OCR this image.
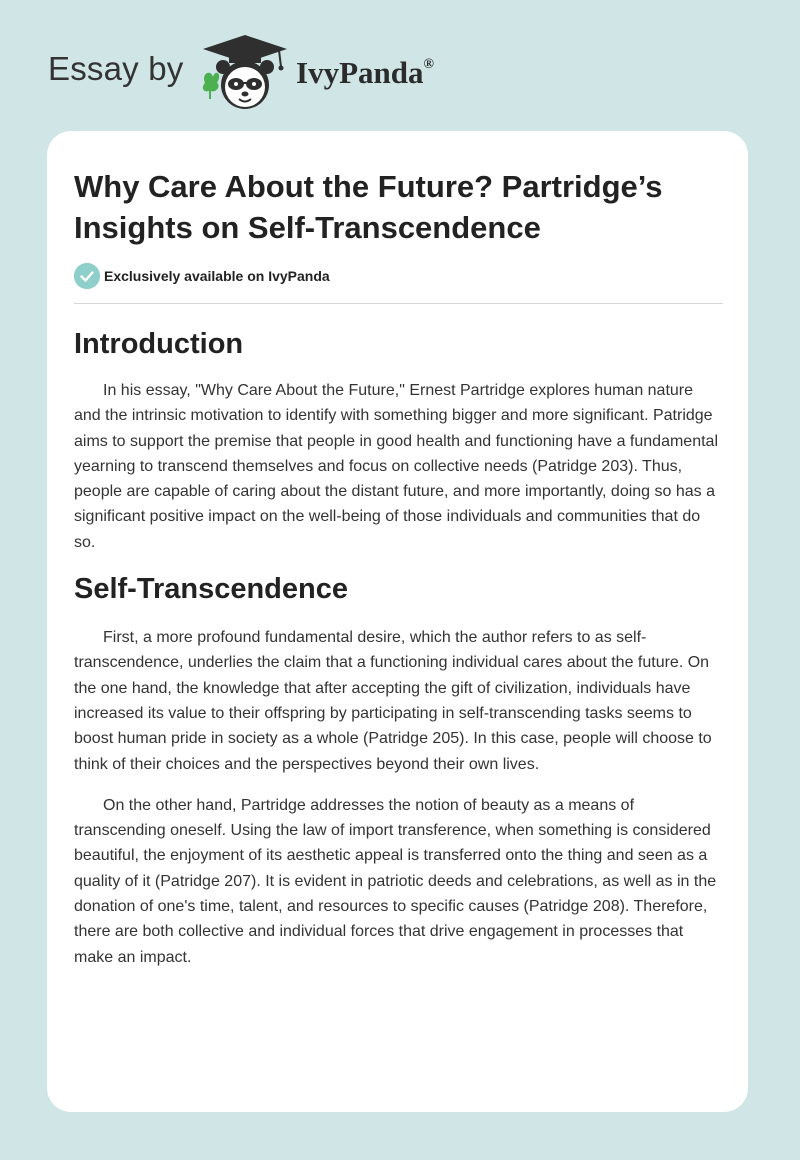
Essay by	IvyPanda®
Why Care About the Future? Partridge’s Insights on Self-Transcendence
Exclusively available on IvyPanda
Introduction

In his essay, "Why Care About the Future," Ernest Partridge explores human nature and the intrinsic motivation to identify with something bigger and more significant. Patridge aims to support the premise that people in good health and functioning have a fundamental yearning to transcend themselves and focus on collective needs (Patridge 203). Thus, people are capable of caring about the distant future, and more importantly, doing so has a significant positive impact on the well-being of those individuals and communities that do so.

Self-Transcendence

First, a more profound fundamental desire, which the author refers to as self-transcendence, underlies the claim that a functioning individual cares about the future. On the one hand, the knowledge that after accepting the gift of civilization, individuals have increased its value to their offspring by participating in self-transcending tasks seems to boost human pride in society as a whole (Patridge 205). In this case, people will choose to think of their choices and the perspectives beyond their own lives.

On the other hand, Partridge addresses the notion of beauty as a means of transcending oneself. Using the law of import transference, when something is considered beautiful, the enjoyment of its aesthetic appeal is transferred onto the thing and seen as a quality of it (Patridge 207). It is evident in patriotic deeds and celebrations, as well as in the donation of one's time, talent, and resources to specific causes (Patridge 208). Therefore, there are both collective and individual forces that drive engagement in processes that make an impact.
